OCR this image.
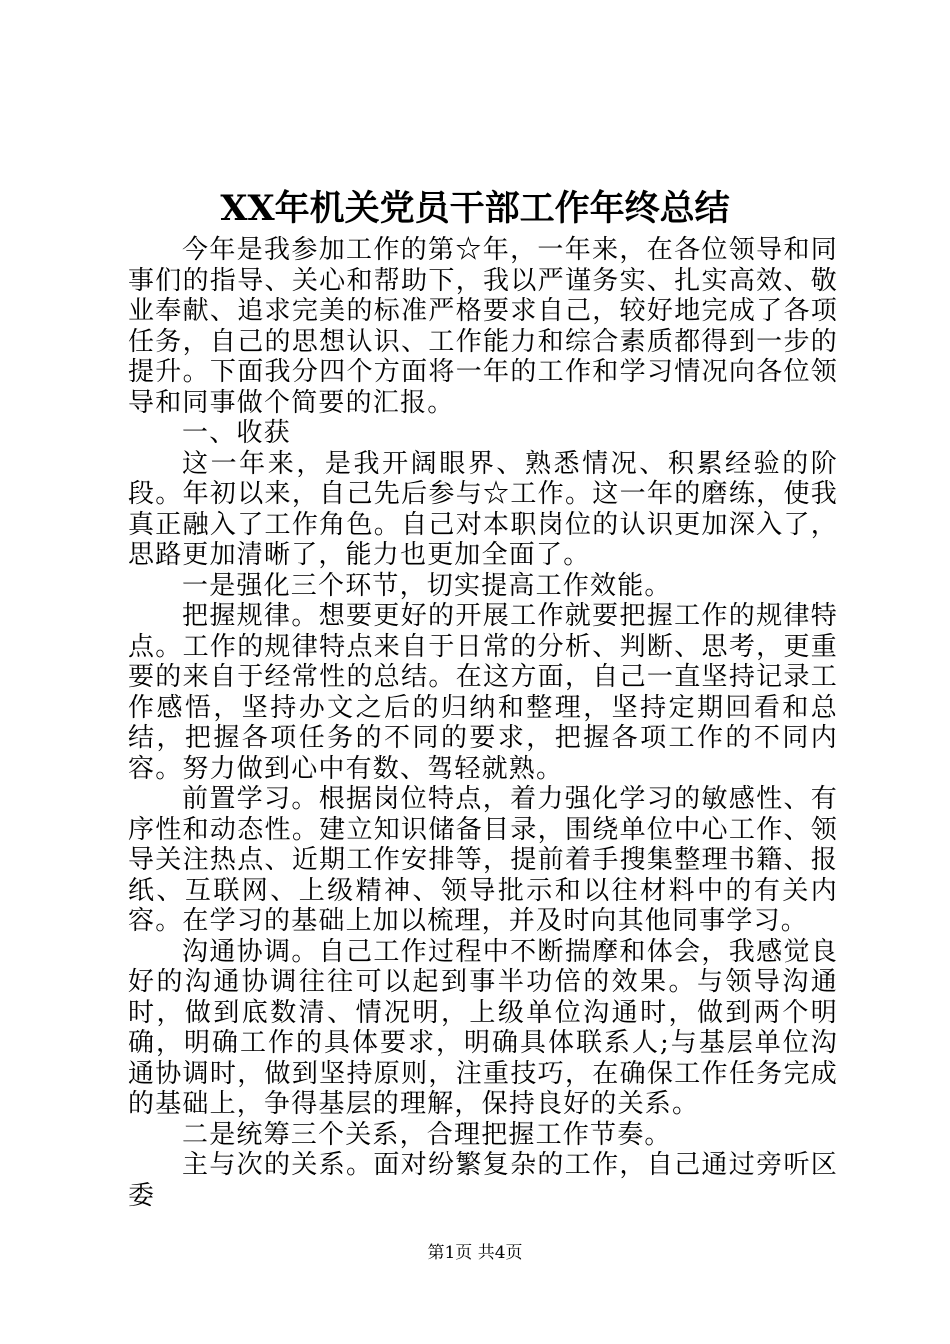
XX年机关党员干部工作年终总结

今年是我参加工作的第☆年，一年来，在各位领导和同事们的指导、关心和帮助下，我以严谨务实、扎实高效、敬业奉献、追求完美的标准严格要求自己，较好地完成了各项任务，自己的思想认识、工作能力和综合素质都得到一步的提升。下面我分四个方面将一年的工作和学习情况向各位领导和同事做个简要的汇报。

一、收获

这一年来，是我开阔眼界、熟悉情况、积累经验的阶段。年初以来，自己先后参与☆工作。这一年的磨练，使我真正融入了工作角色。自己对本职岗位的认识更加深入了，思路更加清晰了，能力也更加全面了。

一是强化三个环节，切实提高工作效能。

把握规律。想要更好的开展工作就要把握工作的规律特点。工作的规律特点来自于日常的分析、判断、思考，更重要的来自于经常性的总结。在这方面，自己一直坚持记录工作感悟，坚持办文之后的归纳和整理，坚持定期回看和总结，把握各项任务的不同的要求，把握各项工作的不同内容。努力做到心中有数、驾轻就熟。

前置学习。根据岗位特点，着力强化学习的敏感性、有序性和动态性。建立知识储备目录，围绕单位中心工作、领导关注热点、近期工作安排等，提前着手搜集整理书籍、报纸、互联网、上级精神、领导批示和以往材料中的有关内容。在学习的基础上加以梳理，并及时向其他同事学习。

沟通协调。自己工作过程中不断揣摩和体会，我感觉良好的沟通协调往往可以起到事半功倍的效果。与领导沟通时，做到底数清、情况明，上级单位沟通时，做到两个明确，明确工作的具体要求，明确具体联系人;与基层单位沟通协调时，做到坚持原则，注重技巧，在确保工作任务完成的基础上，争得基层的理解，保持良好的关系。

二是统筹三个关系，合理把握工作节奏。

主与次的关系。面对纷繁复杂的工作，自己通过旁听区委

第1页 共4页
